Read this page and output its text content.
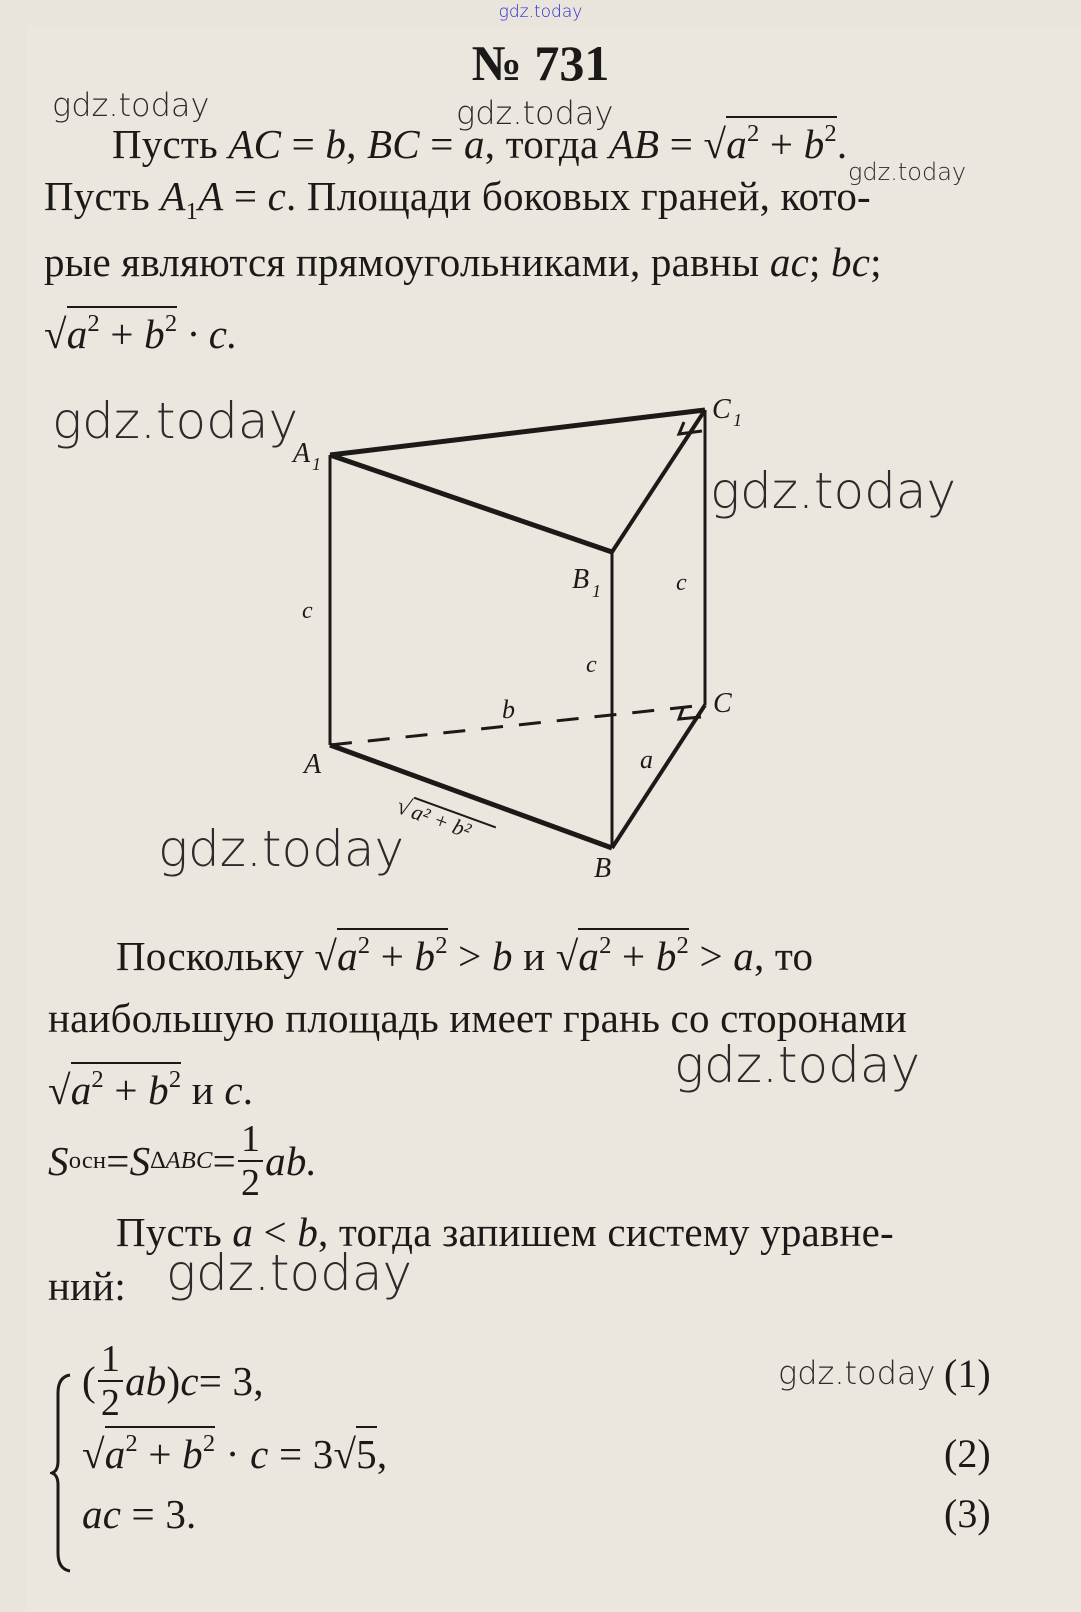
gdz.today
gdz.today	gdz.today
gdz.today
gdz.today
gdz.today
gdz.today
gdz.today
gdz.today
gdz.today
№ 731
Пусть AC = b, BC = a, тогда AB = $√a^2 + b^2$.
Пусть $A_1A = c$. Площади боковых граней, кото-
рые являются прямоугольниками, равны ac; bc;
$√a^2 + b^2 \cdot c$.
A 1
C 1
B 1
A
B
C
c
c
c
b
a
√
a² + b²
Поскольку $√a^2 + b^2 > b$ и $√a^2 + b^2 > a$, то
наибольшую площадь имеет грань со сторонами
$√a^2 + b^2$ и c.
S осн = S $\Delta ABC = \frac{1}{2}$ ab.
Пусть a < b, тогда запишем систему уравне-
ний:
( $\frac{1}{2}$ ab ) c = 3,	(1)
$√a^2 + b^2 \cdot c = 3√5$,	(2)
ac = 3.	(3)
